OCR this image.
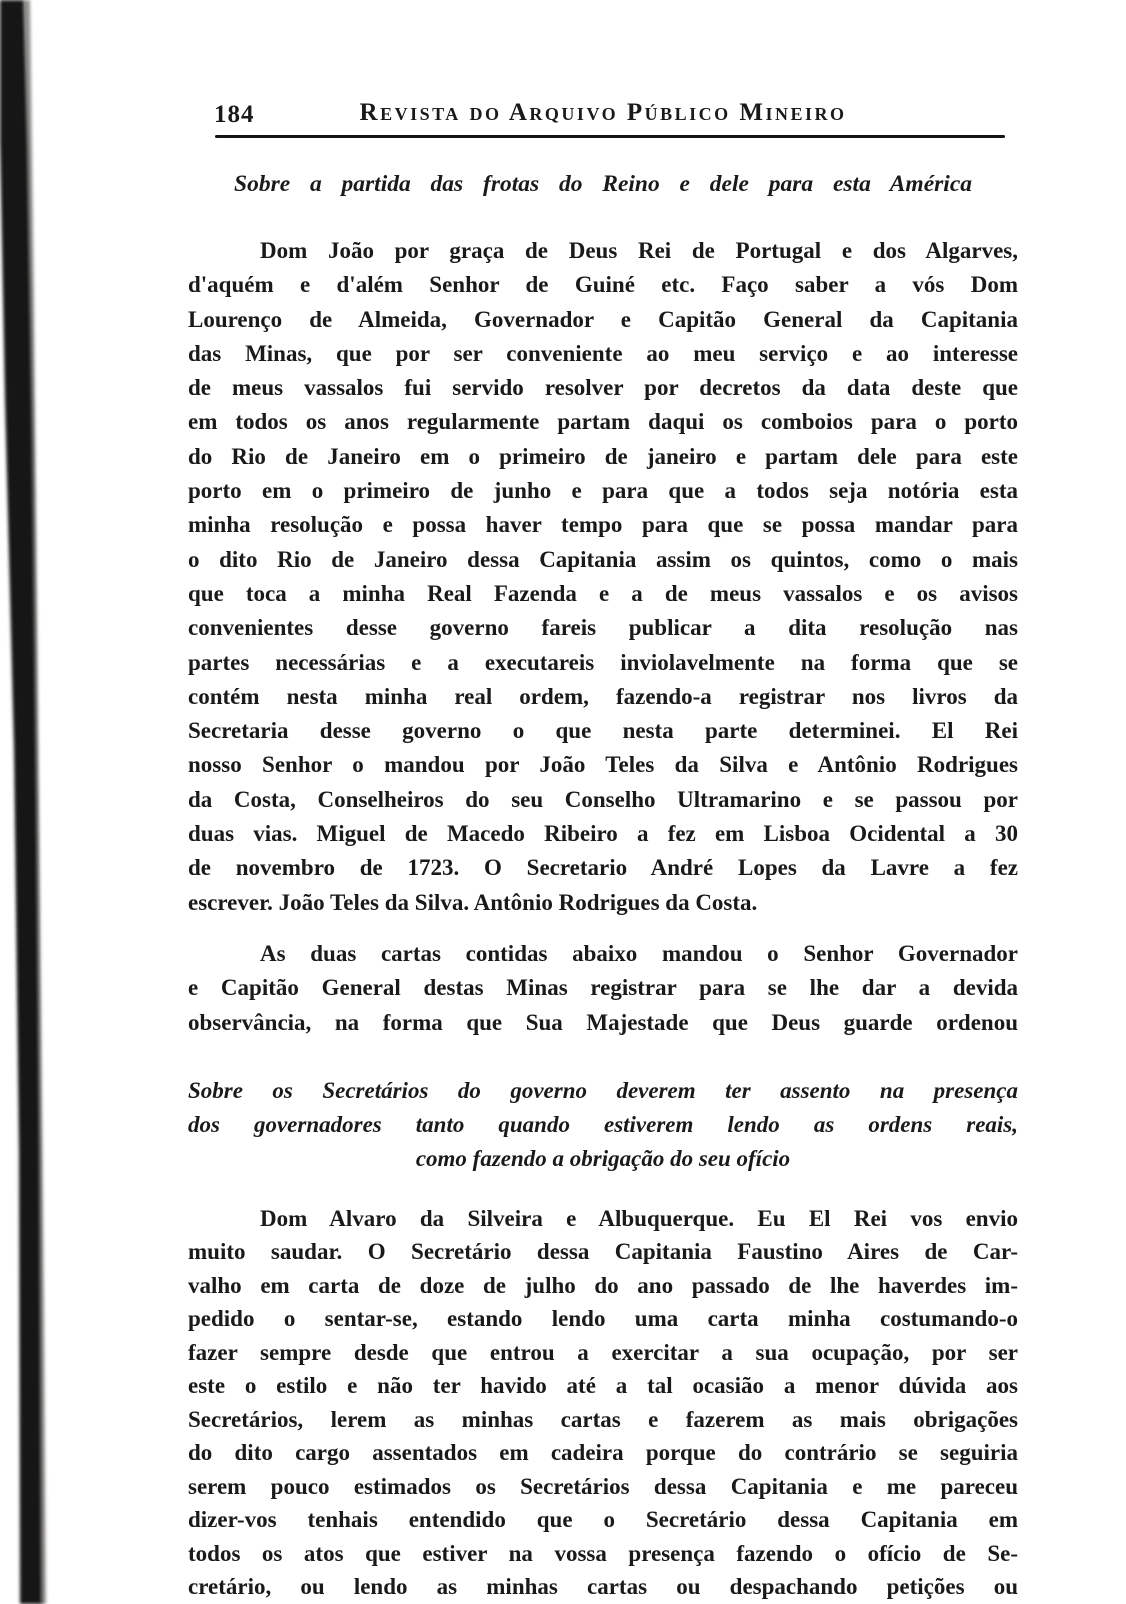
184	Revista do Arquivo Público Mineiro
Sobre a partida das frotas do Reino e dele para esta América
Dom João por graça de Deus Rei de Portugal e dos Algarves,
d'aquém e d'além Senhor de Guiné etc. Faço saber a vós Dom
Lourenço de Almeida, Governador e Capitão General da Capitania
das Minas, que por ser conveniente ao meu serviço e ao interesse
de meus vassalos fui servido resolver por decretos da data deste que
em todos os anos regularmente partam daqui os comboios para o porto
do Rio de Janeiro em o primeiro de janeiro e partam dele para este
porto em o primeiro de junho e para que a todos seja notória esta
minha resolução e possa haver tempo para que se possa mandar para
o dito Rio de Janeiro dessa Capitania assim os quintos, como o mais
que toca a minha Real Fazenda e a de meus vassalos e os avisos
convenientes desse governo fareis publicar a dita resolução nas
partes necessárias e a executareis inviolavelmente na forma que se
contém nesta minha real ordem, fazendo-a registrar nos livros da
Secretaria desse governo o que nesta parte determinei. El Rei
nosso Senhor o mandou por João Teles da Silva e Antônio Rodrigues
da Costa, Conselheiros do seu Conselho Ultramarino e se passou por
duas vias. Miguel de Macedo Ribeiro a fez em Lisboa Ocidental a 30
de novembro de 1723. O Secretario André Lopes da Lavre a fez
escrever. João Teles da Silva. Antônio Rodrigues da Costa.
As duas cartas contidas abaixo mandou o Senhor Governador
e Capitão General destas Minas registrar para se lhe dar a devida
observância, na forma que Sua Majestade que Deus guarde ordenou
Sobre os Secretários do governo deverem ter assento na presença
dos governadores tanto quando estiverem lendo as ordens reais,
como fazendo a obrigação do seu ofício
Dom Alvaro da Silveira e Albuquerque. Eu El Rei vos envio
muito saudar. O Secretário dessa Capitania Faustino Aires de Car-
valho em carta de doze de julho do ano passado de lhe haverdes im-
pedido o sentar-se, estando lendo uma carta minha costumando-o
fazer sempre desde que entrou a exercitar a sua ocupação, por ser
este o estilo e não ter havido até a tal ocasião a menor dúvida aos
Secretários, lerem as minhas cartas e fazerem as mais obrigações
do dito cargo assentados em cadeira porque do contrário se seguiria
serem pouco estimados os Secretários dessa Capitania e me pareceu
dizer-vos tenhais entendido que o Secretário dessa Capitania em
todos os atos que estiver na vossa presença fazendo o ofício de Se-
cretário, ou lendo as minhas cartas ou despachando petições ou
